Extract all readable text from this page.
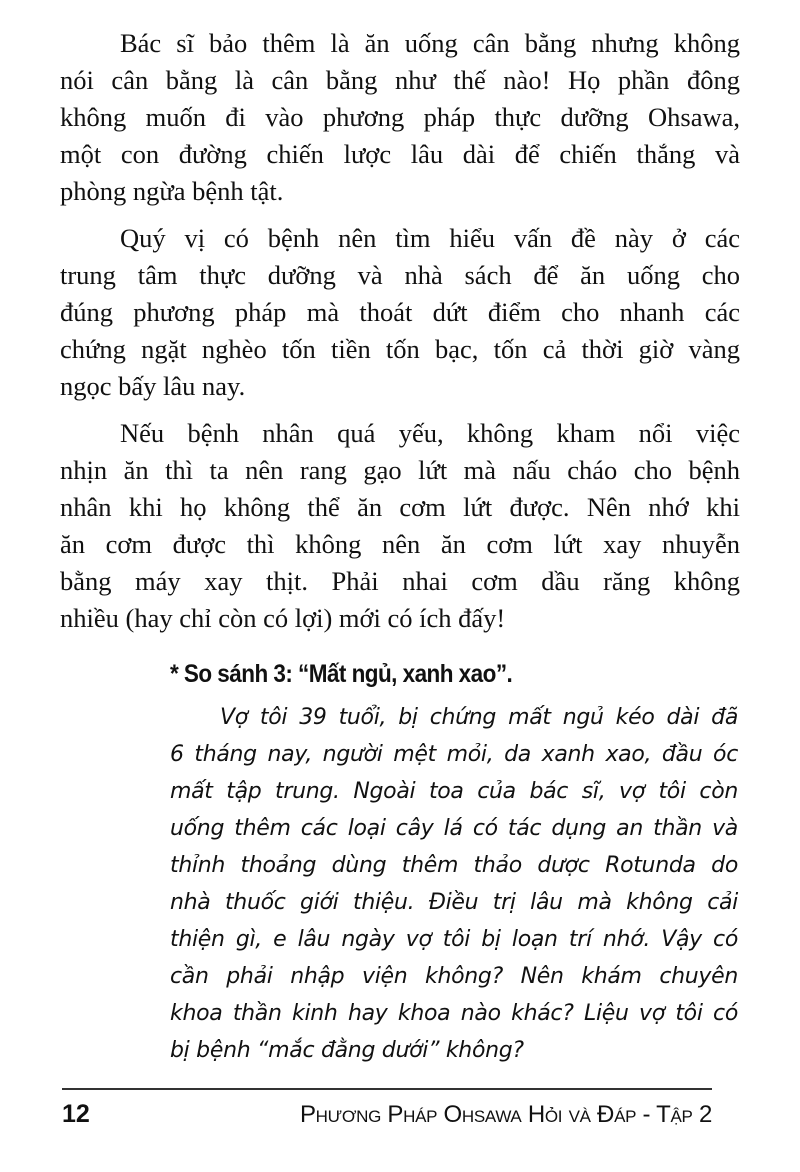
Bác sĩ bảo thêm là ăn uống cân bằng nhưng không
nói cân bằng là cân bằng như thế nào! Họ phần đông
không muốn đi vào phương pháp thực dưỡng Ohsawa,
một con đường chiến lược lâu dài để chiến thắng và
phòng ngừa bệnh tật.
Quý vị có bệnh nên tìm hiểu vấn đề này ở các
trung tâm thực dưỡng và nhà sách để ăn uống cho
đúng phương pháp mà thoát dứt điểm cho nhanh các
chứng ngặt nghèo tốn tiền tốn bạc, tốn cả thời giờ vàng
ngọc bấy lâu nay.
Nếu bệnh nhân quá yếu, không kham nổi việc
nhịn ăn thì ta nên rang gạo lứt mà nấu cháo cho bệnh
nhân khi họ không thể ăn cơm lứt được. Nên nhớ khi
ăn cơm được thì không nên ăn cơm lứt xay nhuyễn
bằng máy xay thịt. Phải nhai cơm dầu răng không
nhiều (hay chỉ còn có lợi) mới có ích đấy!
* So sánh 3: “Mất ngủ, xanh xao”.
Vợ tôi 39 tuổi, bị chứng mất ngủ kéo dài đã
6 tháng nay, người mệt mỏi, da xanh xao, đầu óc
mất tập trung. Ngoài toa của bác sĩ, vợ tôi còn
uống thêm các loại cây lá có tác dụng an thần và
thỉnh thoảng dùng thêm thảo dược Rotunda do
nhà thuốc giới thiệu. Điều trị lâu mà không cải
thiện gì, e lâu ngày vợ tôi bị loạn trí nhớ. Vậy có
cần phải nhập viện không? Nên khám chuyên
khoa thần kinh hay khoa nào khác? Liệu vợ tôi có
bị bệnh “mắc đằng dưới” không?
12	Phương Pháp Ohsawa Hỏi và Đáp - Tập 2
